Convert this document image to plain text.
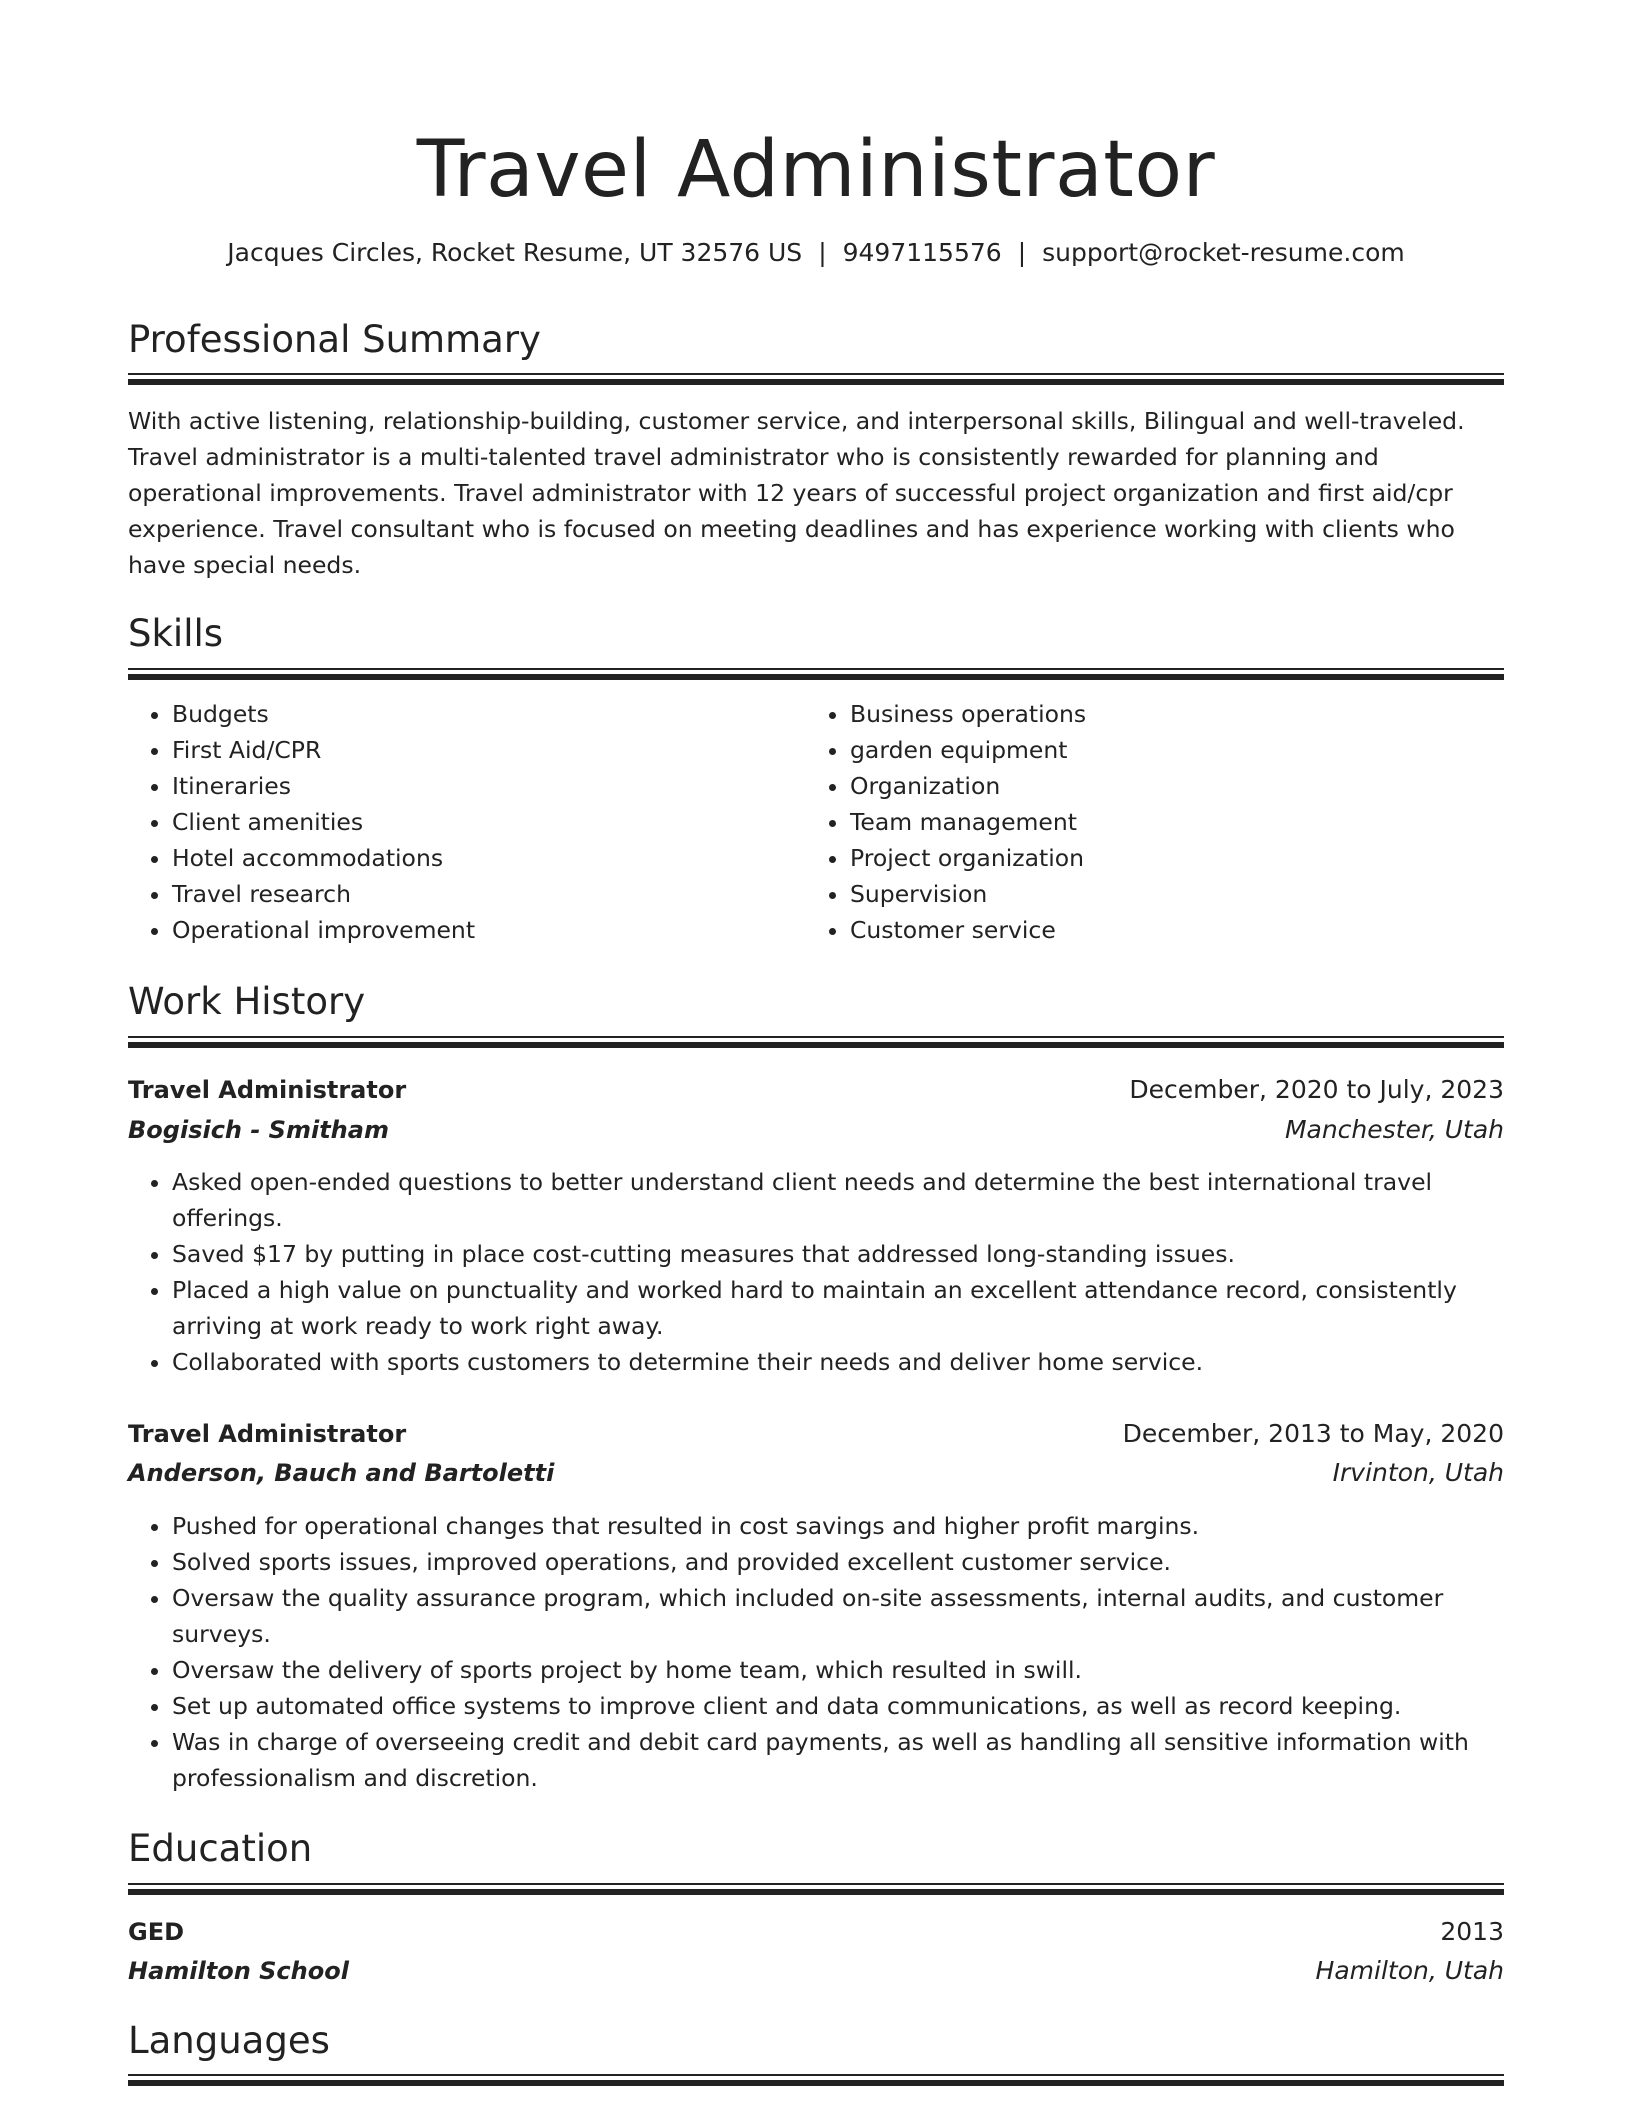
Travel Administrator
Jacques Circles, Rocket Resume, UT 32576 US | 9497115576 | support@rocket-resume.com
Professional Summary

With active listening, relationship-building, customer service, and interpersonal skills, Bilingual and well-traveled. Travel administrator is a multi-talented travel administrator who is consistently rewarded for planning and operational improvements. Travel administrator with 12 years of successful project organization and first aid/cpr experience. Travel consultant who is focused on meeting deadlines and has experience working with clients who have special needs.

Skills
• Budgets
• First Aid/CPR
• Itineraries
• Client amenities
• Hotel accommodations
• Travel research
• Operational improvement
• Business operations
• garden equipment
• Organization
• Team management
• Project organization
• Supervision
• Customer service
Work History
Travel Administrator	December, 2020 to July, 2023
Bogisich - Smitham	Manchester, Utah
• Asked open-ended questions to better understand client needs and determine the best international travel offerings.
• Saved $17 by putting in place cost-cutting measures that addressed long-standing issues.
• Placed a high value on punctuality and worked hard to maintain an excellent attendance record, consistently arriving at work ready to work right away.
• Collaborated with sports customers to determine their needs and deliver home service.
Travel Administrator	December, 2013 to May, 2020
Anderson, Bauch and Bartoletti	Irvinton, Utah
• Pushed for operational changes that resulted in cost savings and higher profit margins.
• Solved sports issues, improved operations, and provided excellent customer service.
• Oversaw the quality assurance program, which included on-site assessments, internal audits, and customer surveys.
• Oversaw the delivery of sports project by home team, which resulted in swill.
• Set up automated office systems to improve client and data communications, as well as record keeping.
• Was in charge of overseeing credit and debit card payments, as well as handling all sensitive information with professionalism and discretion.
Education
GED	2013
Hamilton School	Hamilton, Utah
Languages
